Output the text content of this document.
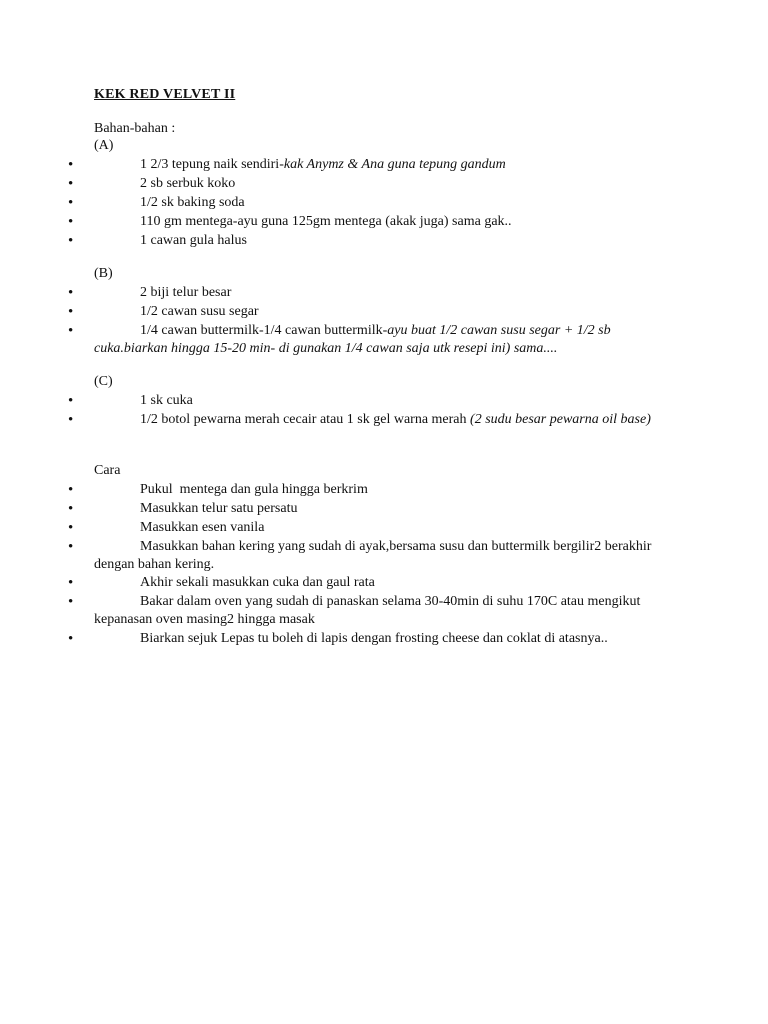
KEK RED VELVET II
Bahan-bahan :
(A)
•	1 2/3 tepung naik sendiri-kak Anymz & Ana guna tepung gandum
•	2 sb serbuk koko
•	1/2 sk baking soda
•	110 gm mentega-ayu guna 125gm mentega (akak juga) sama gak..
•	1 cawan gula halus
(B)
•	2 biji telur besar
•	1/2 cawan susu segar
•	1/4 cawan buttermilk-1/4 cawan buttermilk-ayu buat 1/2 cawan susu segar + 1/2 sb cuka.biarkan hingga 15-20 min- di gunakan 1/4 cawan saja utk resepi ini) sama....
(C)
•	1 sk cuka
•	1/2 botol pewarna merah cecair atau 1 sk gel warna merah (2 sudu besar pewarna oil base)
Cara
•	Pukul  mentega dan gula hingga berkrim
•	Masukkan telur satu persatu
•	Masukkan esen vanila
•	Masukkan bahan kering yang sudah di ayak,bersama susu dan buttermilk bergilir2 berakhir dengan bahan kering.
•	Akhir sekali masukkan cuka dan gaul rata
•	Bakar dalam oven yang sudah di panaskan selama 30-40min di suhu 170C atau mengikut kepanasan oven masing2 hingga masak
•	Biarkan sejuk Lepas tu boleh di lapis dengan frosting cheese dan coklat di atasnya..
